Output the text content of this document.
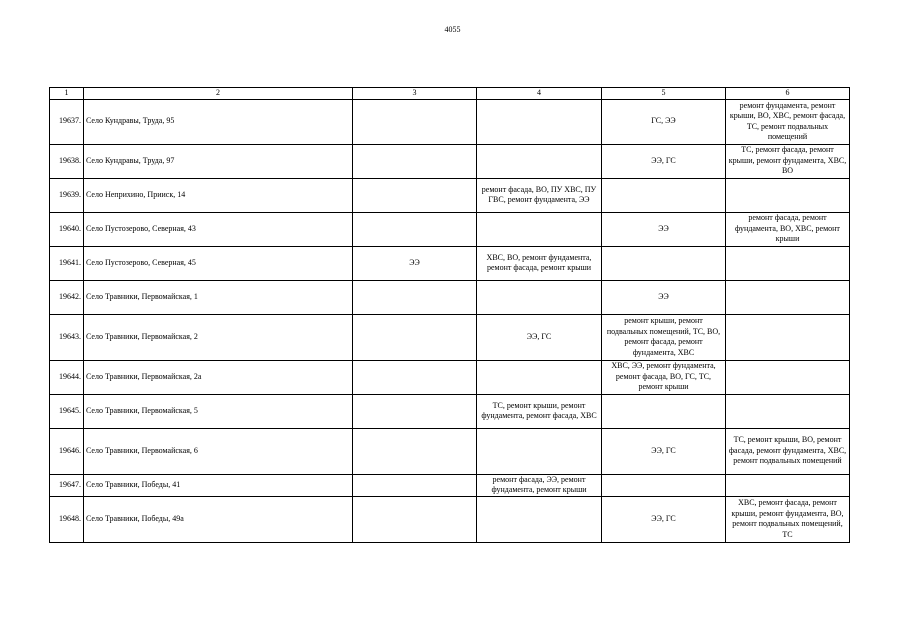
4055
1	2	3	4	5	6
19637.	Село Кундравы, Труда, 95			ГС, ЭЭ	ремонт фундамента, ремонт крыши, ВО, ХВС, ремонт фасада, ТС, ремонт подвальных помещений
19638.	Село Кундравы, Труда, 97			ЭЭ, ГС	ТС, ремонт фасада, ремонт крыши, ремонт фундамента, ХВС, ВО
19639.	Село Неприхино, Прииск, 14		ремонт фасада, ВО, ПУ ХВС, ПУ ГВС, ремонт фундамента, ЭЭ		
19640.	Село Пустозерово, Северная, 43			ЭЭ	ремонт фасада, ремонт фундамента, ВО, ХВС, ремонт крыши
19641.	Село Пустозерово, Северная, 45	ЭЭ	ХВС, ВО, ремонт фундамента, ремонт фасада, ремонт крыши		
19642.	Село Травники, Первомайская, 1			ЭЭ	
19643.	Село Травники, Первомайская, 2		ЭЭ, ГС	ремонт крыши, ремонт подвальных помещений, ТС, ВО, ремонт фасада, ремонт фундамента, ХВС	
19644.	Село Травники, Первомайская, 2а			ХВС, ЭЭ, ремонт фундамента, ремонт фасада, ВО, ГС, ТС, ремонт крыши	
19645.	Село Травники, Первомайская, 5		ТС, ремонт крыши, ремонт фундамента, ремонт фасада, ХВС		
19646.	Село Травники, Первомайская, 6			ЭЭ, ГС	ТС, ремонт крыши, ВО, ремонт фасада, ремонт фундамента, ХВС, ремонт подвальных помещений
19647.	Село Травники, Победы, 41		ремонт фасада, ЭЭ, ремонт фундамента, ремонт крыши		
19648.	Село Травники, Победы, 49а			ЭЭ, ГС	ХВС, ремонт фасада, ремонт крыши, ремонт фундамента, ВО, ремонт подвальных помещений, ТС
